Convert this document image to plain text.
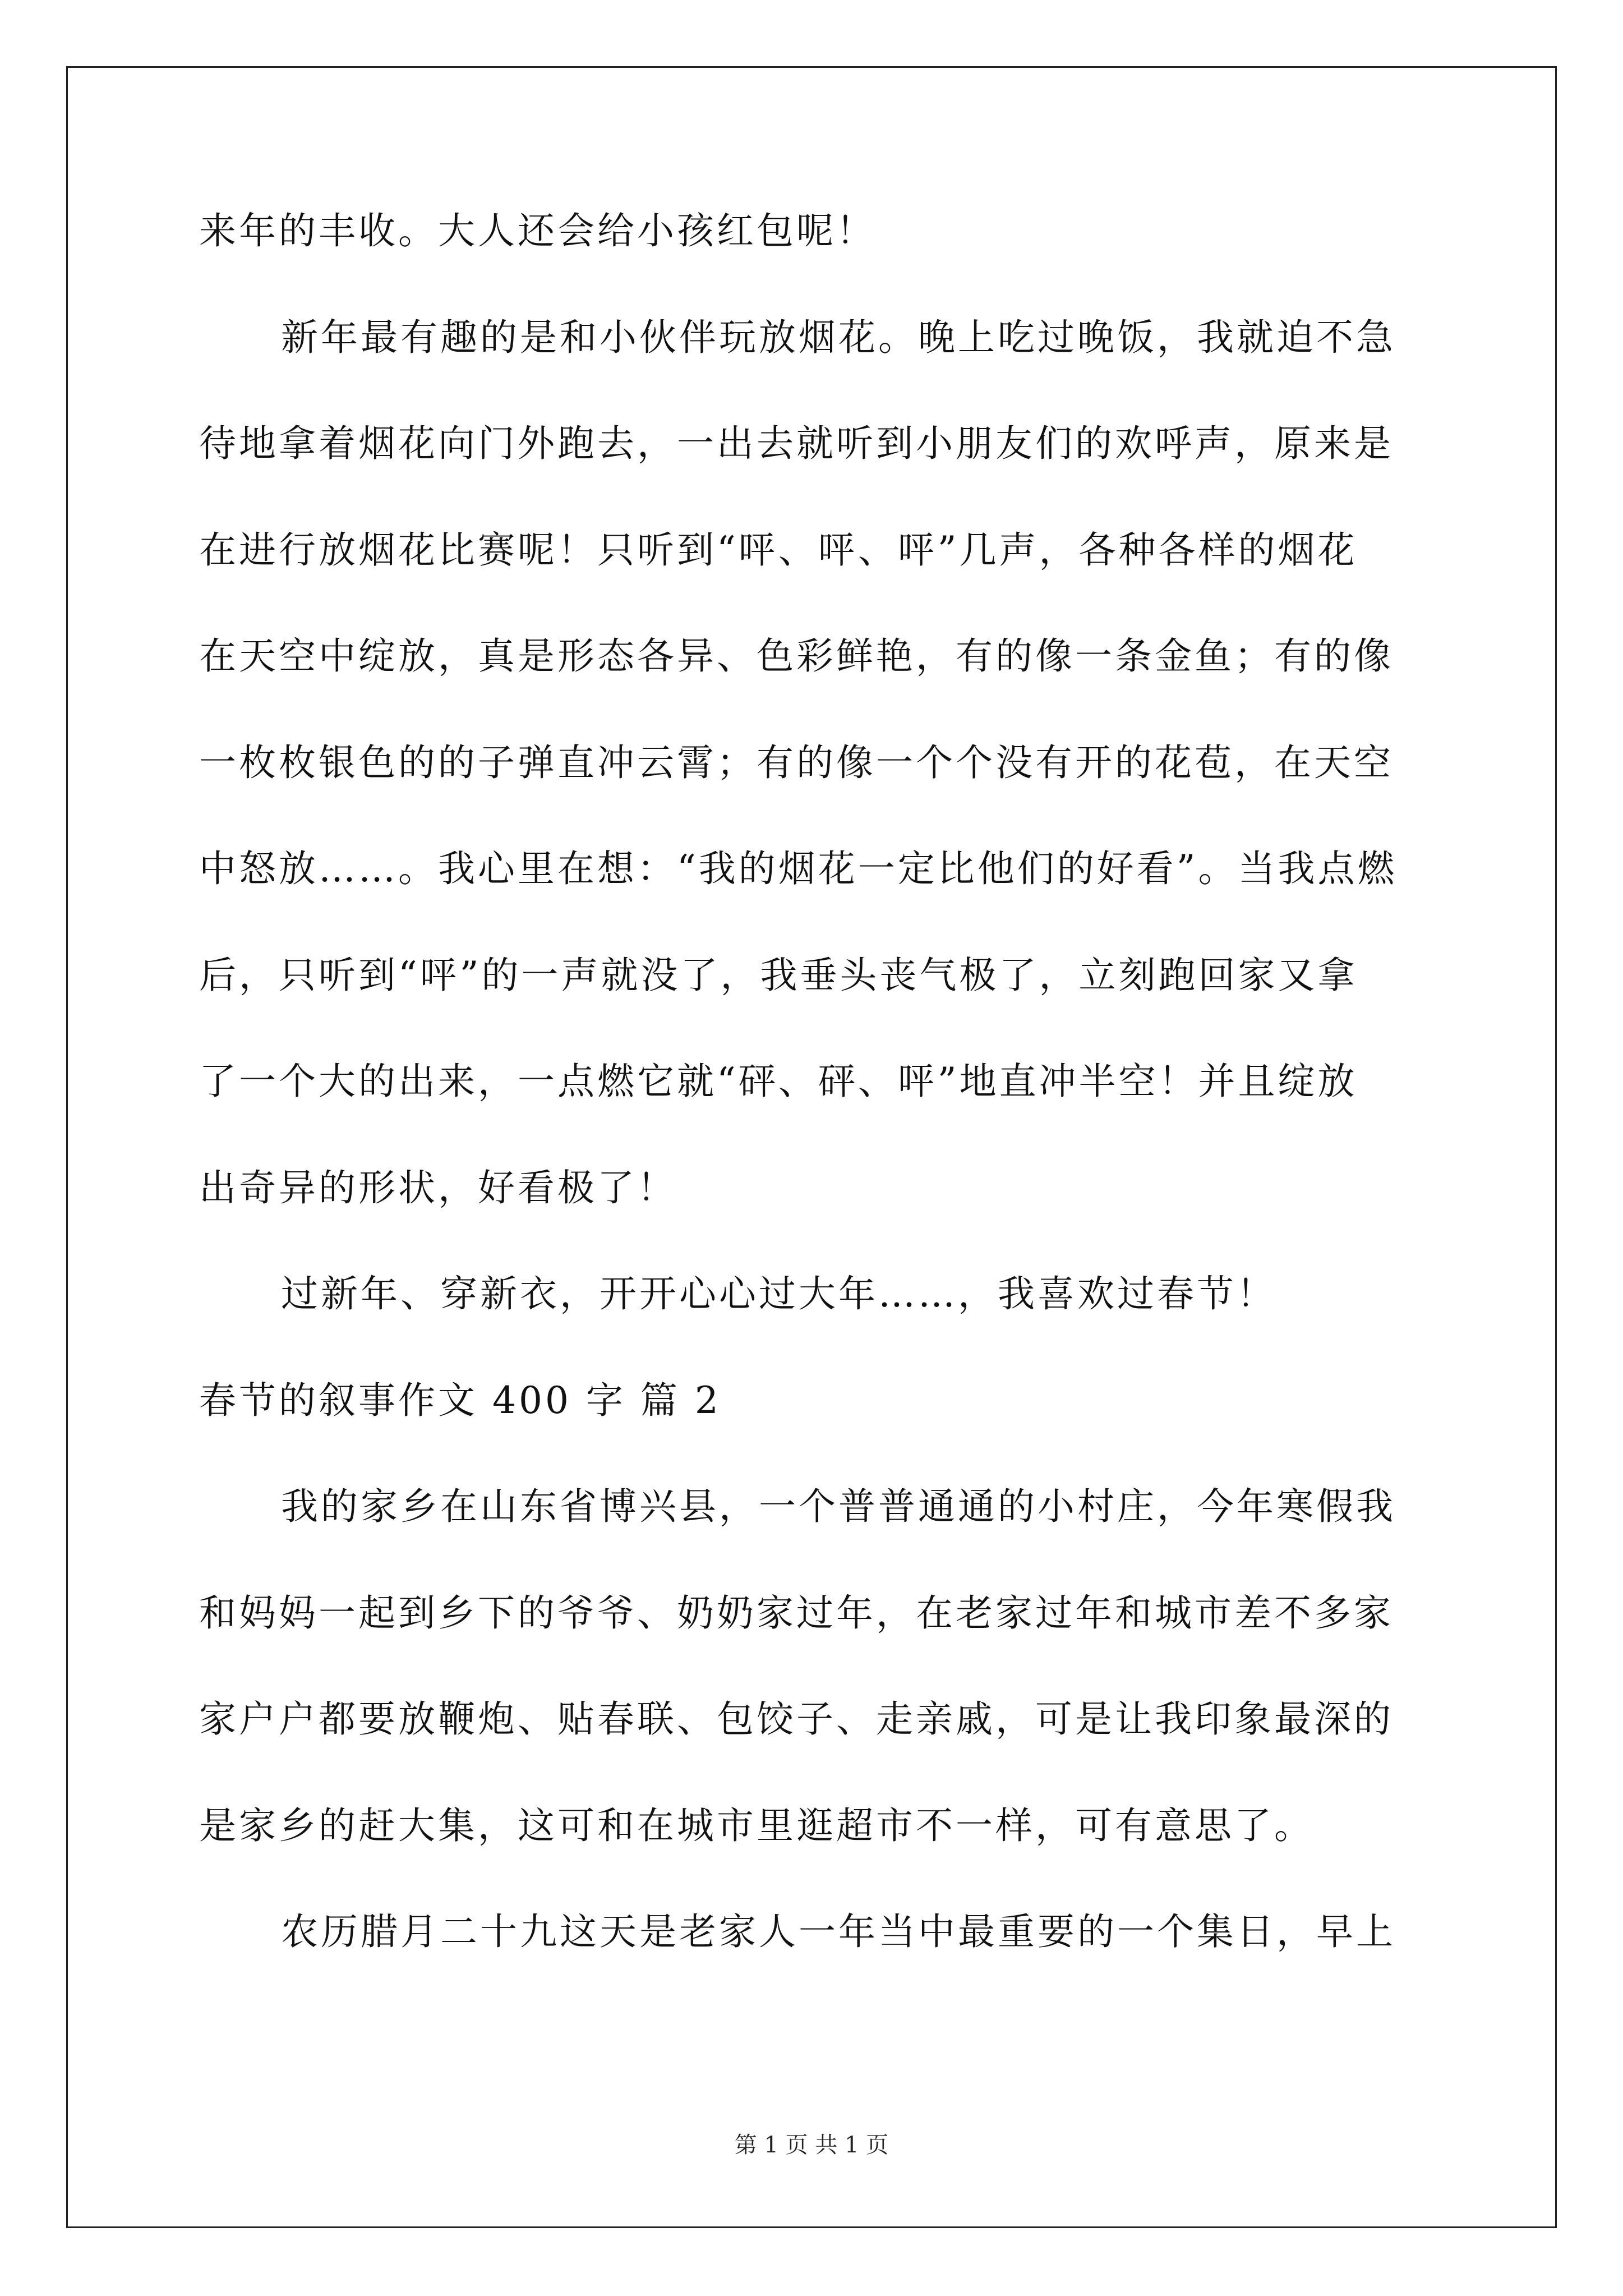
来年的丰收。大人还会给小孩红包呢！
新年最有趣的是和小伙伴玩放烟花。晚上吃过晚饭，我就迫不急
待地拿着烟花向门外跑去，一出去就听到小朋友们的欢呼声，原来是
在进行放烟花比赛呢！只听到“呯、呯、呯”几声，各种各样的烟花
在天空中绽放，真是形态各异、色彩鲜艳，有的像一条金鱼；有的像
一枚枚银色的的子弹直冲云霄；有的像一个个没有开的花苞，在天空
中怒放……。我心里在想：“我的烟花一定比他们的好看”。当我点燃
后，只听到“呯”的一声就没了，我垂头丧气极了，立刻跑回家又拿
了一个大的出来，一点燃它就“砰、砰、呯”地直冲半空！并且绽放
出奇异的形状，好看极了！
过新年、穿新衣，开开心心过大年……，我喜欢过春节！
春节的叙事作文 400 字 篇 2
我的家乡在山东省博兴县，一个普普通通的小村庄，今年寒假我
和妈妈一起到乡下的爷爷、奶奶家过年，在老家过年和城市差不多家
家户户都要放鞭炮、贴春联、包饺子、走亲戚，可是让我印象最深的
是家乡的赶大集，这可和在城市里逛超市不一样，可有意思了。
农历腊月二十九这天是老家人一年当中最重要的一个集日，早上
第 1 页 共 1 页
